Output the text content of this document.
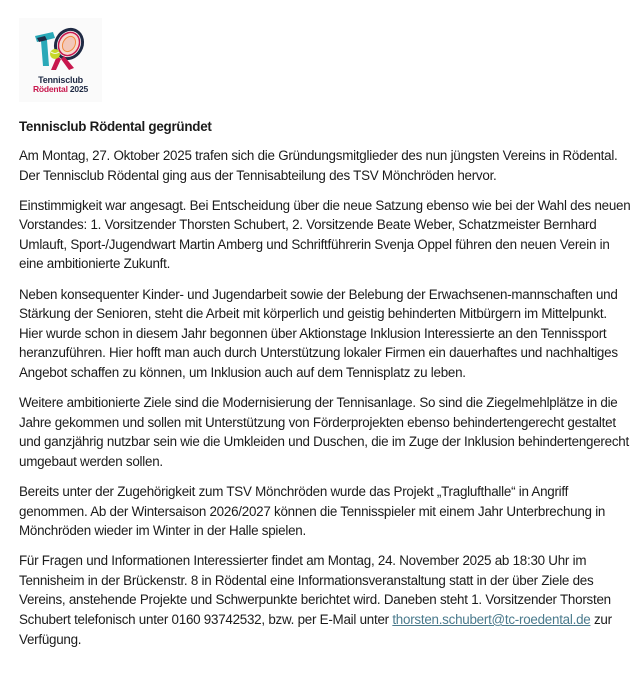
Tennisclub
Rödental 2025
Tennisclub Rödental gegründet

Am Montag, 27. Oktober 2025 trafen sich die Gründungsmitglieder des nun jüngsten Vereins in Rödental. Der Tennisclub Rödental ging aus der Tennisabteilung des TSV Mönchröden hervor.

Einstimmigkeit war angesagt. Bei Entscheidung über die neue Satzung ebenso wie bei der Wahl des neuen Vorstandes: 1. Vorsitzender Thorsten Schubert, 2. Vorsitzende Beate Weber, Schatzmeister Bernhard Umlauft, Sport-/Jugendwart Martin Amberg und Schriftführerin Svenja Oppel führen den neuen Verein in eine ambitionierte Zukunft.

Neben konsequenter Kinder- und Jugendarbeit sowie der Belebung der Erwachsenen-mannschaften und Stärkung der Senioren, steht die Arbeit mit körperlich und geistig behinderten Mitbürgern im Mittelpunkt. Hier wurde schon in diesem Jahr begonnen über Aktionstage Inklusion Interessierte an den Tennissport heranzuführen. Hier hofft man auch durch Unterstützung lokaler Firmen ein dauerhaftes und nachhaltiges Angebot schaffen zu können, um Inklusion auch auf dem Tennisplatz zu leben.

Weitere ambitionierte Ziele sind die Modernisierung der Tennisanlage. So sind die Ziegelmehlplätze in die Jahre gekommen und sollen mit Unterstützung von Förderprojekten ebenso behindertengerecht gestaltet und ganzjährig nutzbar sein wie die Umkleiden und Duschen, die im Zuge der Inklusion behindertengerecht umgebaut werden sollen.

Bereits unter der Zugehörigkeit zum TSV Mönchröden wurde das Projekt „Traglufthalle“ in Angriff genommen. Ab der Wintersaison 2026/2027 können die Tennisspieler mit einem Jahr Unterbrechung in Mönchröden wieder im Winter in der Halle spielen.

Für Fragen und Informationen Interessierter findet am Montag, 24. November 2025 ab 18:30 Uhr im Tennisheim in der Brückenstr. 8 in Rödental eine Informationsveranstaltung statt in der über Ziele des Vereins, anstehende Projekte und Schwerpunkte berichtet wird. Daneben steht 1. Vorsitzender Thorsten Schubert telefonisch unter 0160 93742532, bzw. per E-Mail unter thorsten.schubert@tc-roedental.de zur Verfügung.
